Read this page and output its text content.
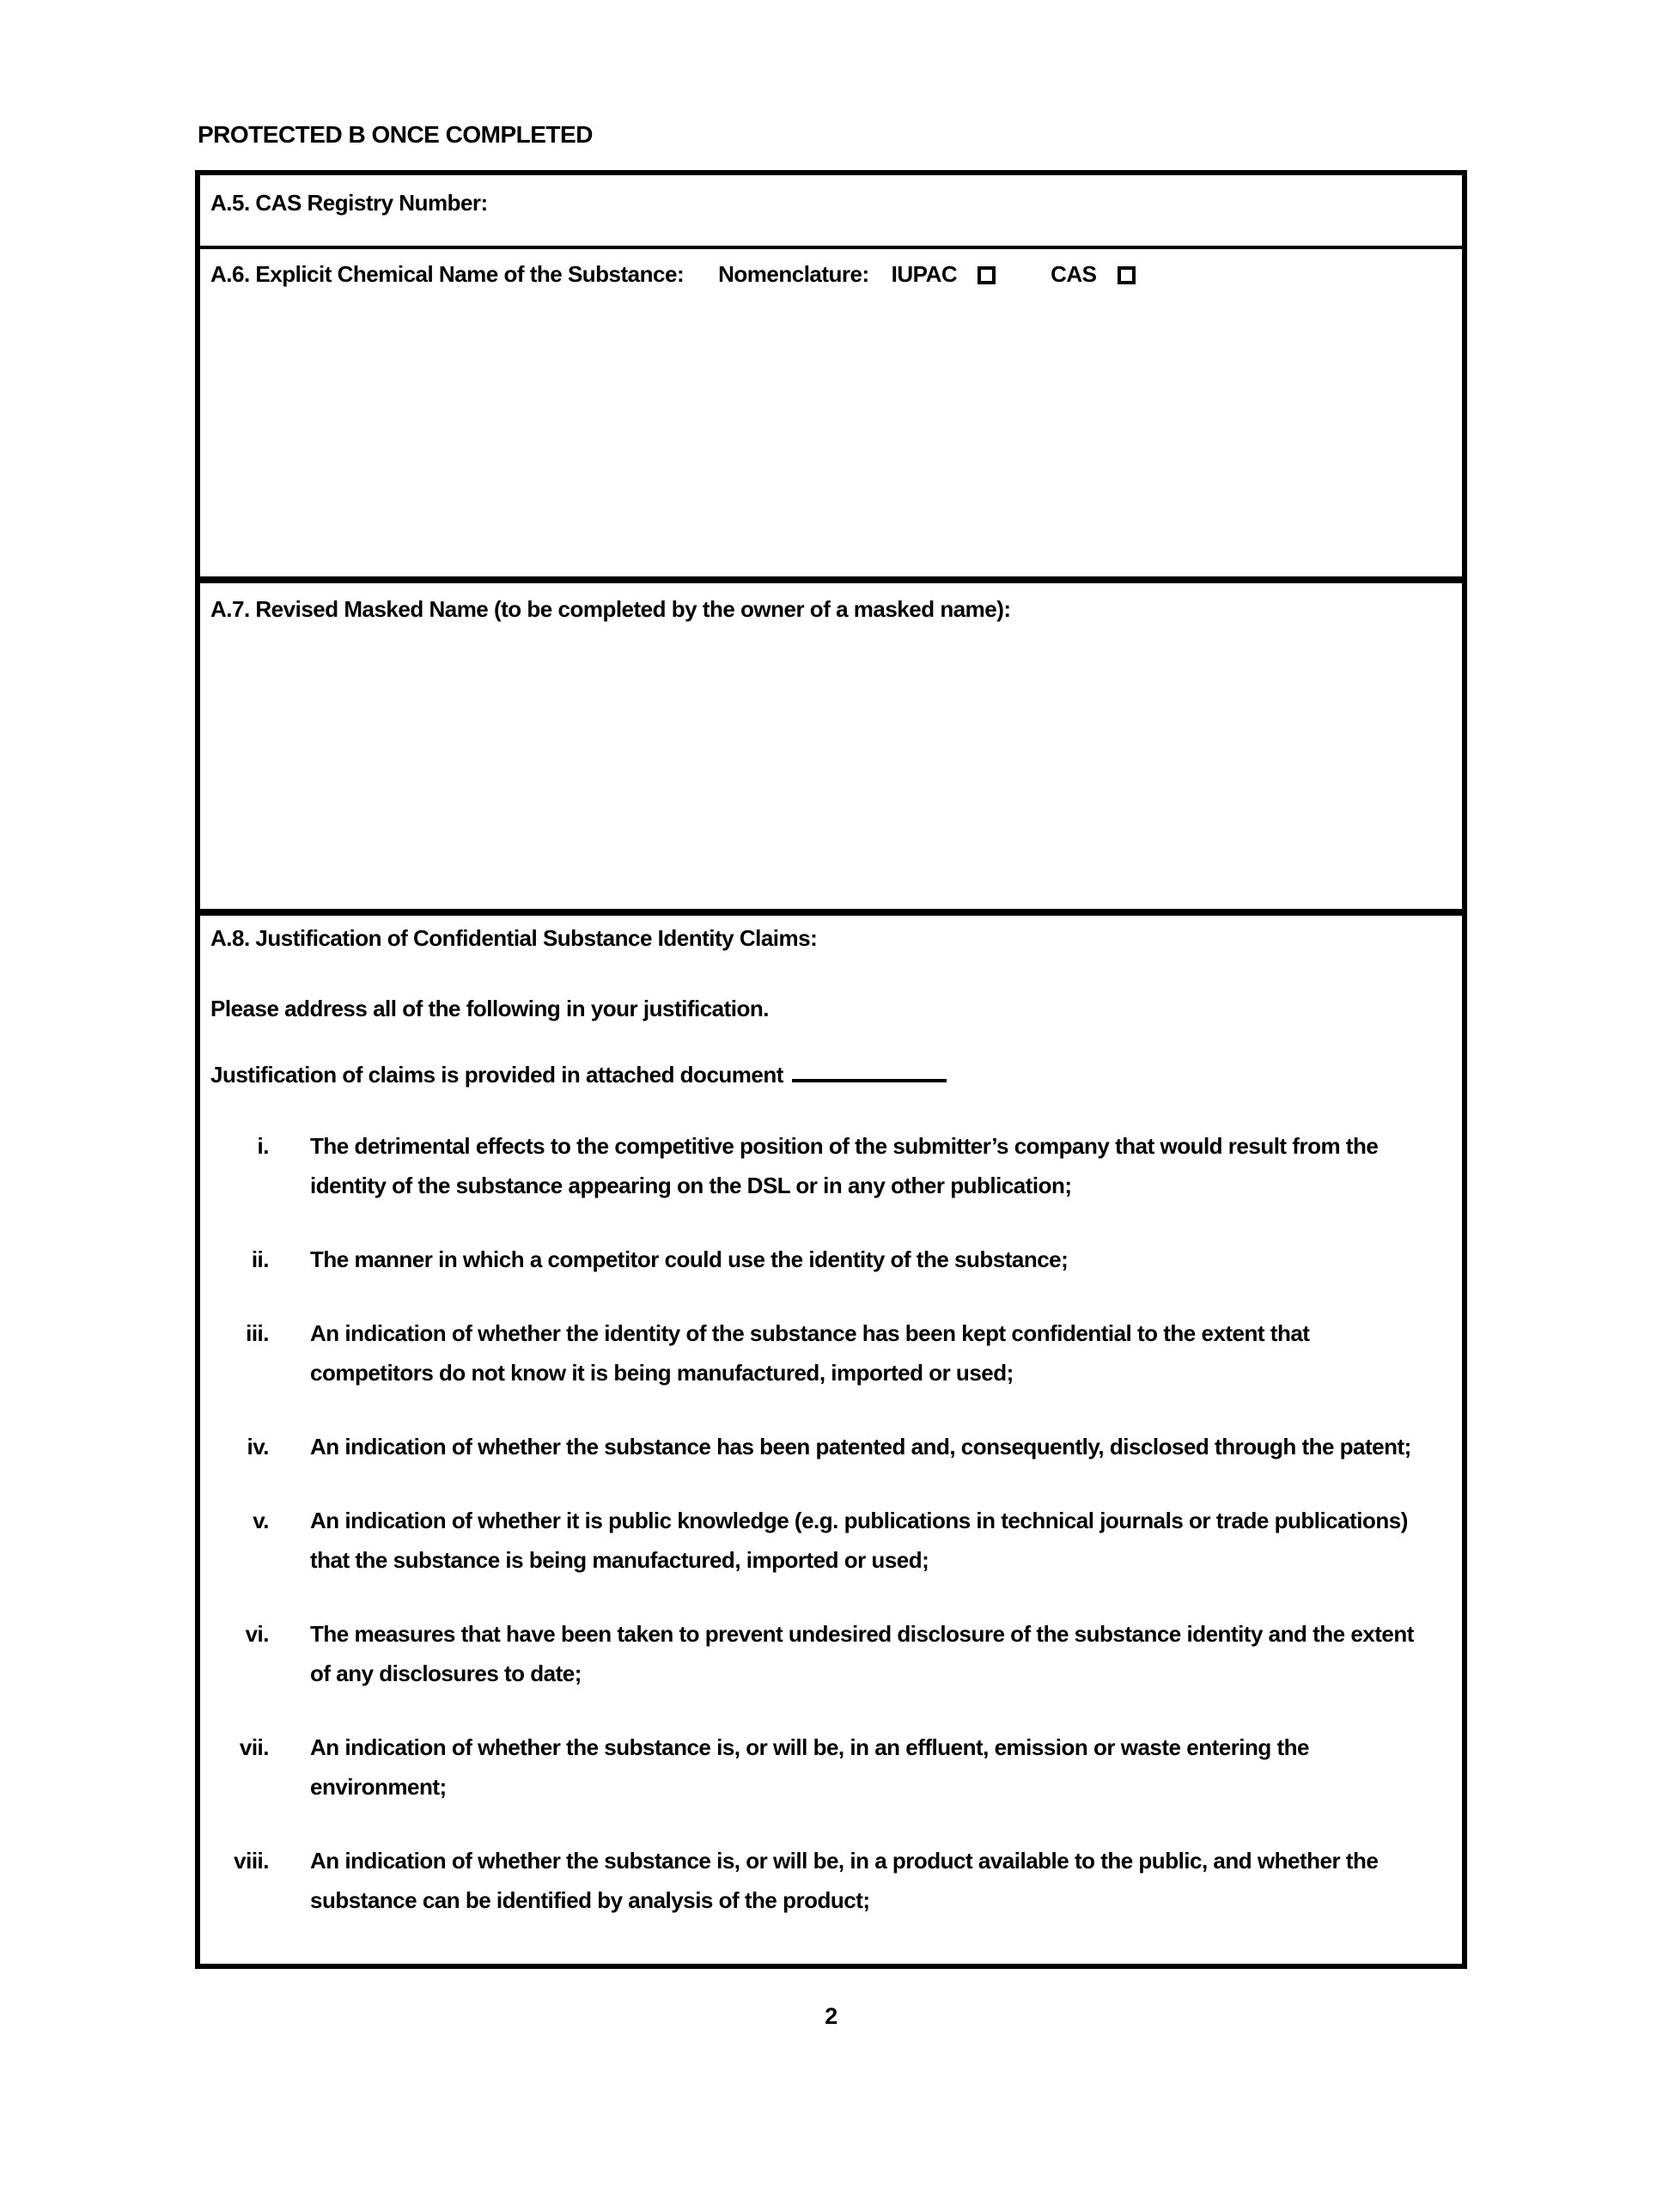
PROTECTED B ONCE COMPLETED
A.5. CAS Registry Number:
A.6. Explicit Chemical Name of the Substance: Nomenclature: IUPAC	CAS
A.7. Revised Masked Name (to be completed by the owner of a masked name):
A.8. Justification of Confidential Substance Identity Claims:

Please address all of the following in your justification.

Justification of claims is provided in attached document

i. The detrimental effects to the competitive position of the submitter’s company that would result from the identity of the substance appearing on the DSL or in any other publication;
ii. The manner in which a competitor could use the identity of the substance;
iii. An indication of whether the identity of the substance has been kept confidential to the extent that competitors do not know it is being manufactured, imported or used;
iv. An indication of whether the substance has been patented and, consequently, disclosed through the patent;
v. An indication of whether it is public knowledge (e.g. publications in technical journals or trade publications) that the substance is being manufactured, imported or used;
vi. The measures that have been taken to prevent undesired disclosure of the substance identity and the extent of any disclosures to date;
vii. An indication of whether the substance is, or will be, in an effluent, emission or waste entering the environment;
viii. An indication of whether the substance is, or will be, in a product available to the public, and whether the substance can be identified by analysis of the product;
2
